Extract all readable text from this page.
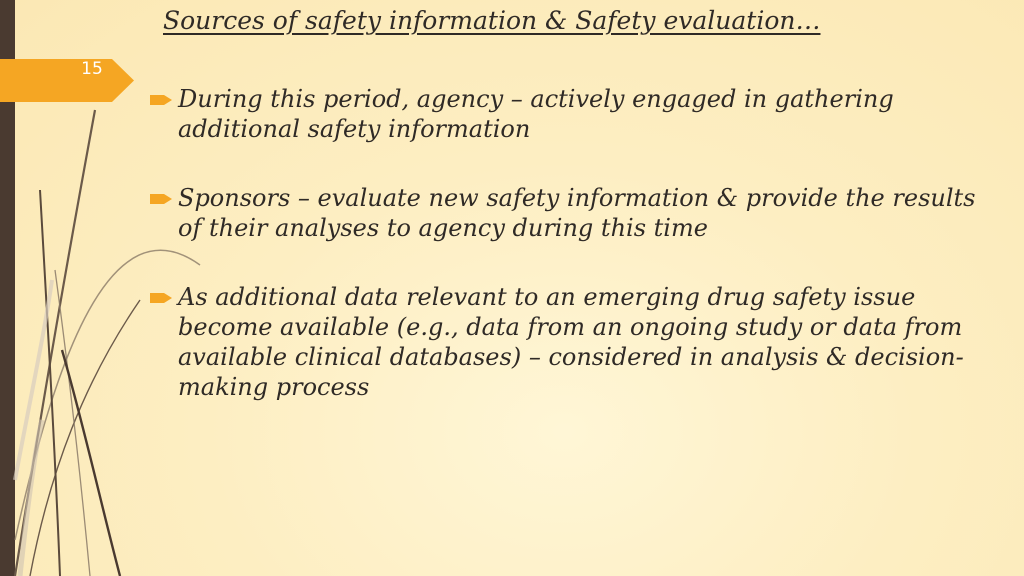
15
Sources of safety information & Safety evaluation…
During this period, agency – actively engaged in gathering additional safety information
Sponsors – evaluate new safety information & provide the results of their analyses to agency during this time
As additional data relevant to an emerging drug safety issue become available (e.g., data from an ongoing study or data from available clinical databases) – considered in analysis & decision-making process
